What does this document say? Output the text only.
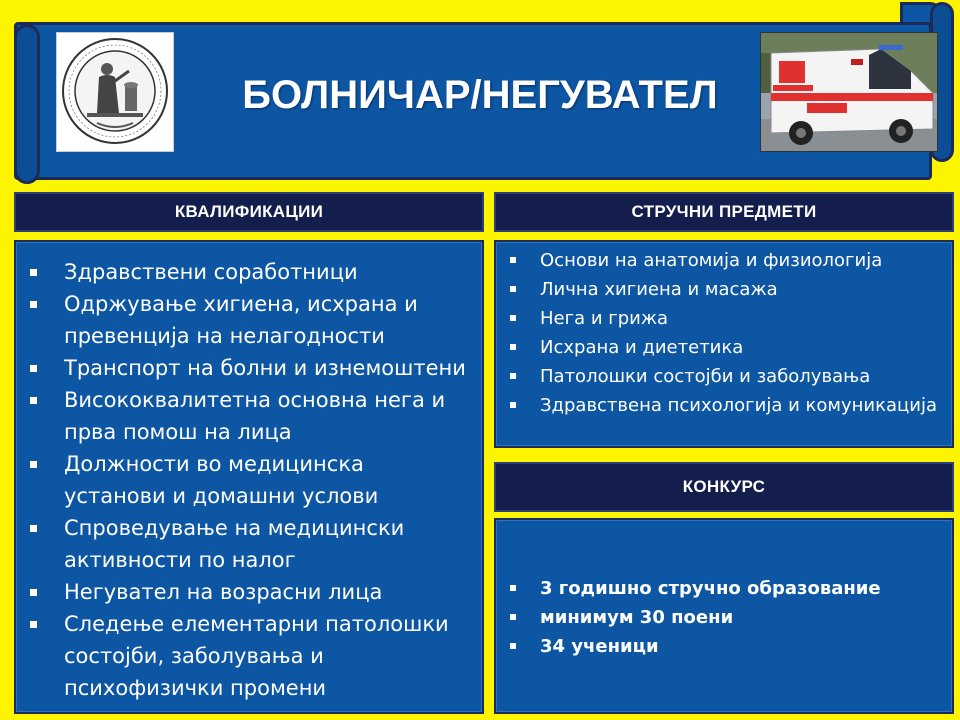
БОЛНИЧАР/НЕГУВАТЕЛ
КВАЛИФИКАЦИИ
Здравствени соработници
Одржување хигиена, исхрана и превенција на нелагодности
Транспорт на болни и изнемоштени
Висококвалитетна основна нега и прва помош на лица
Должности во медицинска установи и домашни услови
Спроведување на медицински активности по налог
Негувател на возрасни лица
Следење елементарни патолошки состојби, заболувања и психофизички промени
СТРУЧНИ ПРЕДМЕТИ
Основи на анатомија и физиологија
Лична хигиена и масажа
Нега и грижа
Исхрана и диететика
Патолошки состојби и заболувања
Здравствена психологија и комуникација
КОНКУРС
3 годишно стручно образование
минимум 30 поени
34 ученици
